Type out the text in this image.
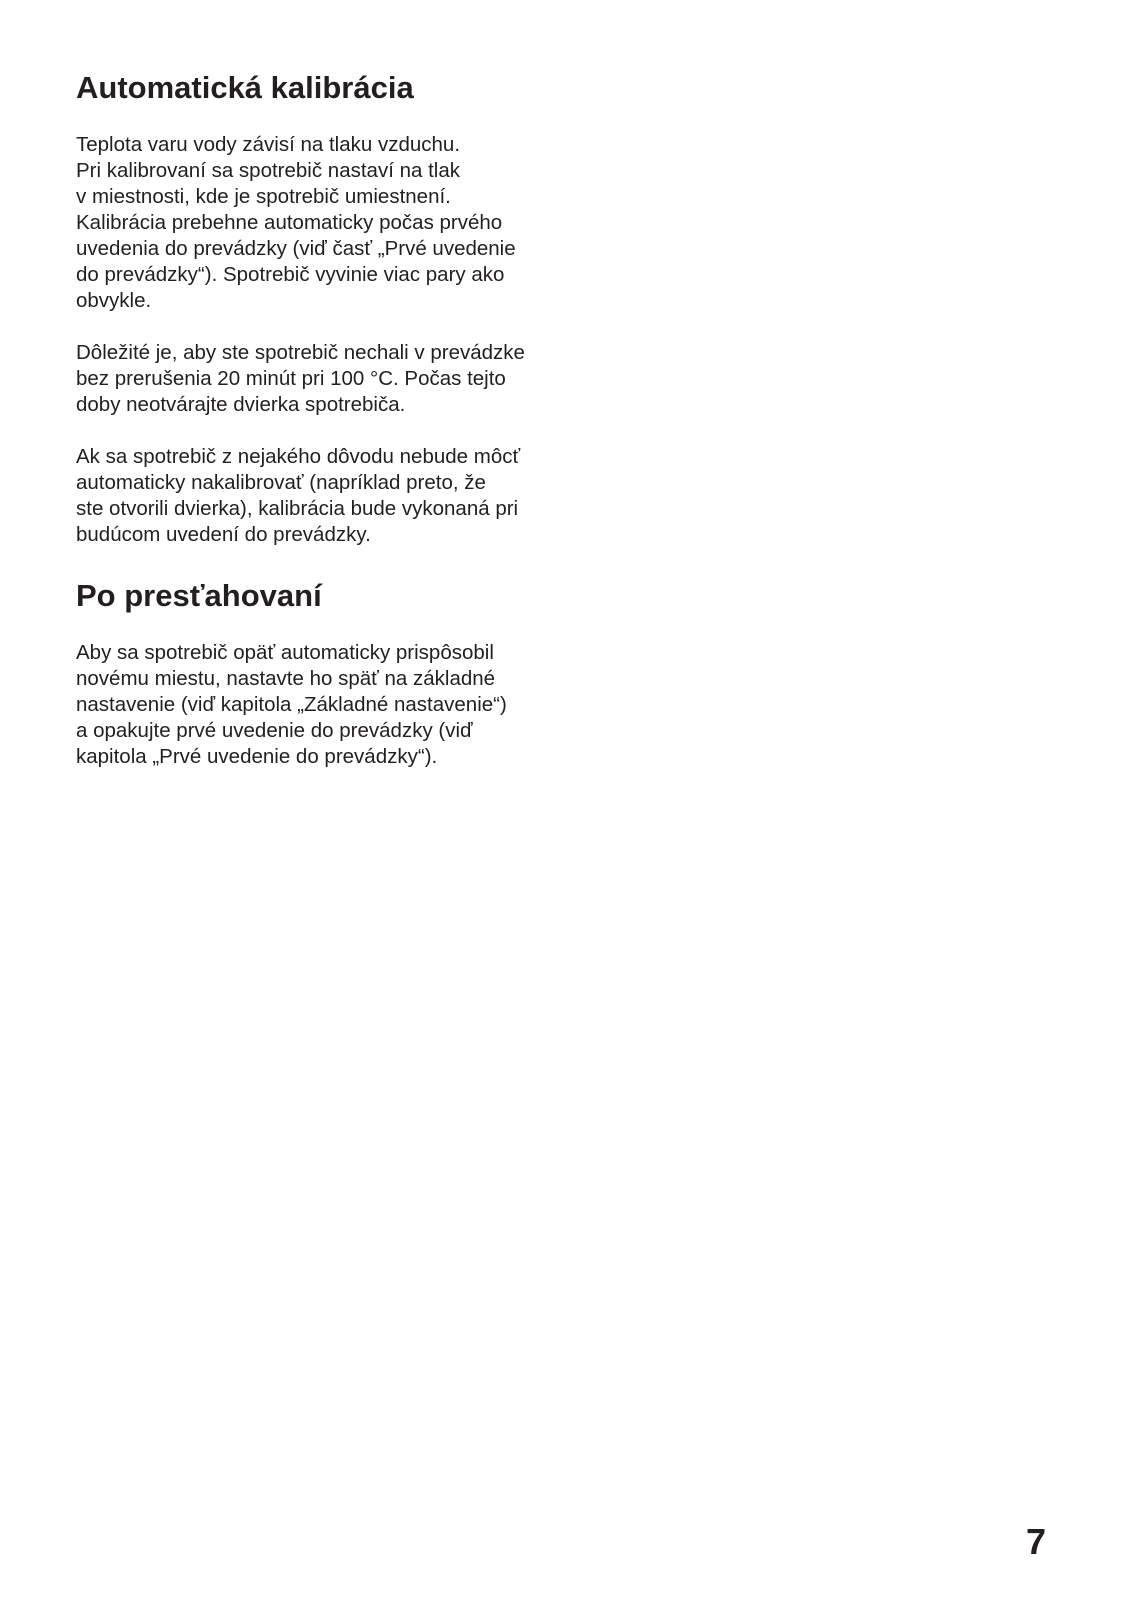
Automatická kalibrácia

Teplota varu vody závisí na tlaku vzduchu.
Pri kalibrovaní sa spotrebič nastaví na tlak
v miestnosti, kde je spotrebič umiestnení.
Kalibrácia prebehne automaticky počas prvého
uvedenia do prevádzky (viď časť „Prvé uvedenie
do prevádzky“). Spotrebič vyvinie viac pary ako
obvykle.

Dôležité je, aby ste spotrebič nechali v prevádzke
bez prerušenia 20 minút pri 100 °C. Počas tejto
doby neotvárajte dvierka spotrebiča.

Ak sa spotrebič z nejakého dôvodu nebude môcť
automaticky nakalibrovať (napríklad preto, že
ste otvorili dvierka), kalibrácia bude vykonaná pri
budúcom uvedení do prevádzky.

Po presťahovaní

Aby sa spotrebič opäť automaticky prispôsobil
novému miestu, nastavte ho späť na základné
nastavenie (viď kapitola „Základné nastavenie“)
a opakujte prvé uvedenie do prevádzky (viď
kapitola „Prvé uvedenie do prevádzky“).

7
